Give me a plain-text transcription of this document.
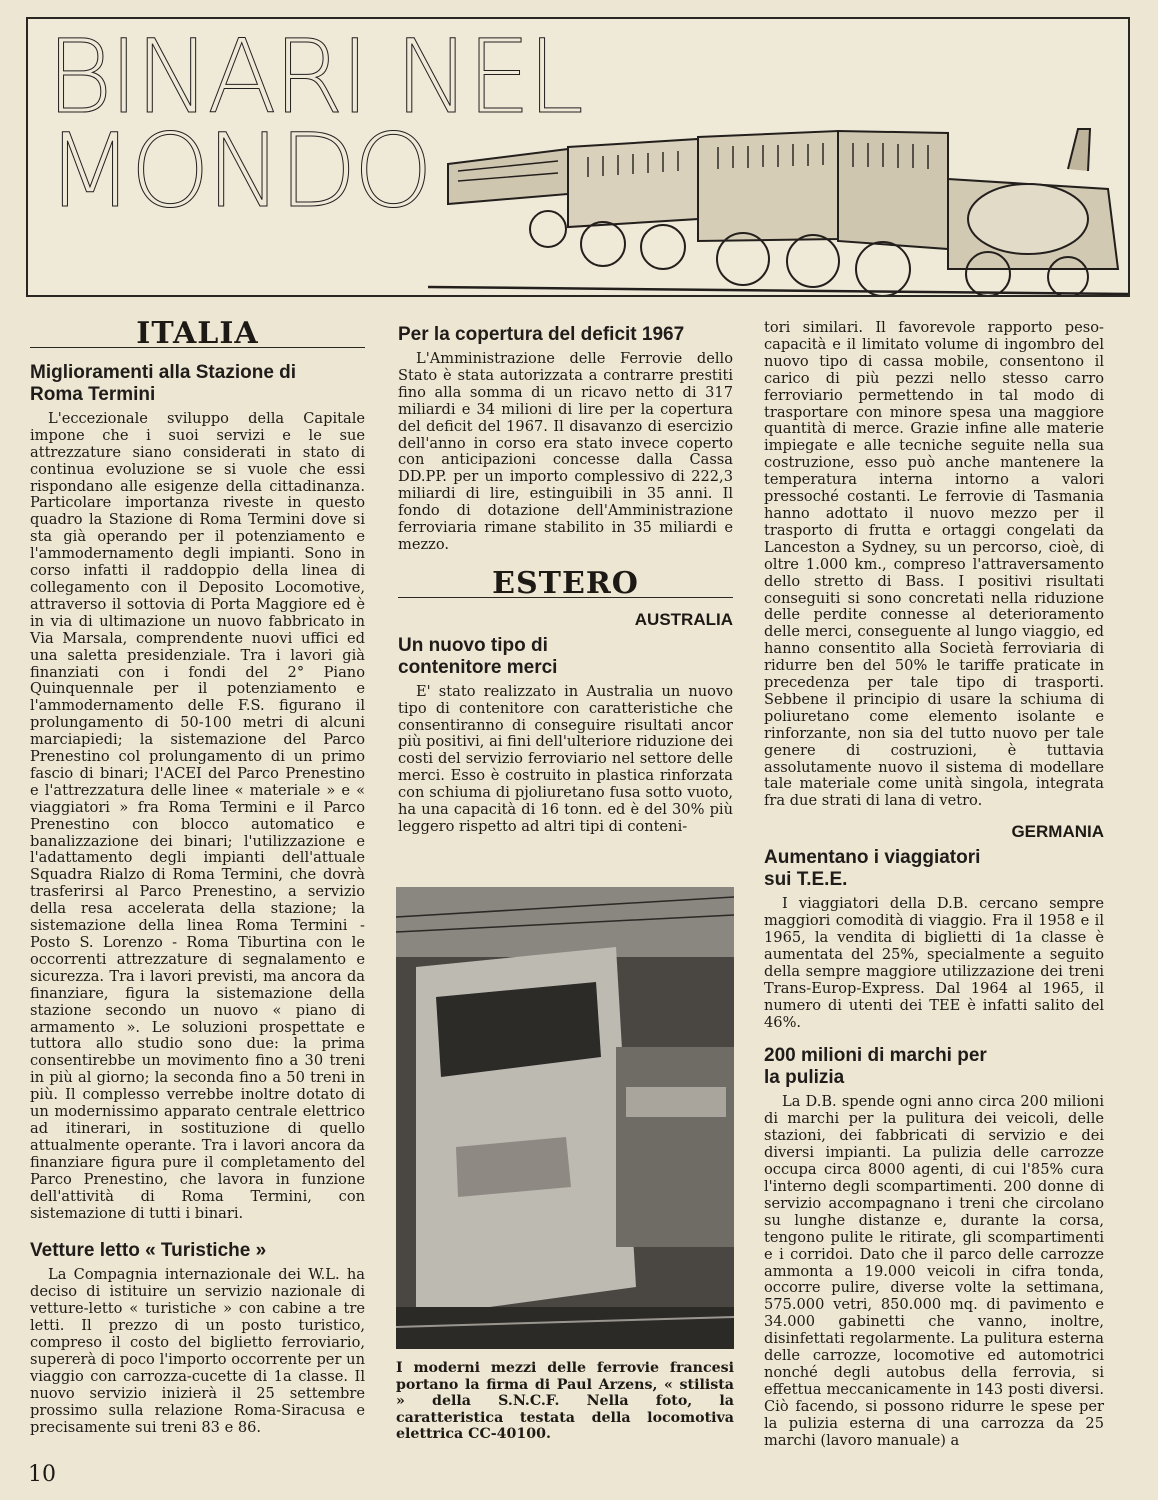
BINARI NEL
MONDO
ITALIA
Miglioramenti alla Stazione di Roma Termini

L'eccezionale sviluppo della Capitale impone che i suoi servizi e le sue attrezzature siano considerati in stato di continua evoluzione se si vuole che essi rispondano alle esigenze della cittadinanza. Particolare importanza riveste in questo quadro la Stazione di Roma Termini dove si sta già operando per il potenziamento e l'ammodernamento degli impianti. Sono in corso infatti il raddoppio della linea di collegamento con il Deposito Locomotive, attraverso il sottovia di Porta Maggiore ed è in via di ultimazione un nuovo fabbricato in Via Marsala, comprendente nuovi uffici ed una saletta presidenziale. Tra i lavori già finanziati con i fondi del 2° Piano Quinquennale per il potenziamento e l'ammodernamento delle F.S. figurano il prolungamento di 50-100 metri di alcuni marciapiedi; la sistemazione del Parco Prenestino col prolungamento di un primo fascio di binari; l'ACEI del Parco Prenestino e l'attrezzatura delle linee « materiale » e « viaggiatori » fra Roma Termini e il Parco Prenestino con blocco automatico e banalizzazione dei binari; l'utilizzazione e l'adattamento degli impianti dell'attuale Squadra Rialzo di Roma Termini, che dovrà trasferirsi al Parco Prenestino, a servizio della resa accelerata della stazione; la sistemazione della linea Roma Termini - Posto S. Lorenzo - Roma Tiburtina con le occorrenti attrezzature di segnalamento e sicurezza. Tra i lavori previsti, ma ancora da finanziare, figura la sistemazione della stazione secondo un nuovo « piano di armamento ». Le soluzioni prospettate e tuttora allo studio sono due: la prima consentirebbe un movimento fino a 30 treni in più al giorno; la seconda fino a 50 treni in più. Il complesso verrebbe inoltre dotato di un modernissimo apparato centrale elettrico ad itinerari, in sostituzione di quello attualmente operante. Tra i lavori ancora da finanziare figura pure il completamento del Parco Prenestino, che lavora in funzione dell'attività di Roma Termini, con sistemazione di tutti i binari.

Vetture letto « Turistiche »

La Compagnia internazionale dei W.L. ha deciso di istituire un servizio nazionale di vetture-letto « turistiche » con cabine a tre letti. Il prezzo di un posto turistico, compreso il costo del biglietto ferroviario, supererà di poco l'importo occorrente per un viaggio con carrozza-cucette di 1a classe. Il nuovo servizio inizierà il 25 settembre prossimo sulla relazione Roma-Siracusa e precisamente sui treni 83 e 86.

Per la copertura del deficit 1967

L'Amministrazione delle Ferrovie dello Stato è stata autorizzata a contrarre prestiti fino alla somma di un ricavo netto di 317 miliardi e 34 milioni di lire per la copertura del deficit del 1967. Il disavanzo di esercizio dell'anno in corso era stato invece coperto con anticipazioni concesse dalla Cassa DD.PP. per un importo complessivo di 222,3 miliardi di lire, estinguibili in 35 anni. Il fondo di dotazione dell'Amministrazione ferroviaria rimane stabilito in 35 miliardi e mezzo.

ESTERO
AUSTRALIA
Un nuovo tipo di contenitore merci

E' stato realizzato in Australia un nuovo tipo di contenitore con caratteristiche che consentiranno di conseguire risultati ancor più positivi, ai fini dell'ulteriore riduzione dei costi del servizio ferroviario nel settore delle merci. Esso è costruito in plastica rinforzata con schiuma di pjoliuretano fusa sotto vuoto, ha una capacità di 16 tonn. ed è del 30% più leggero rispetto ad altri tipi di conteni-

I moderni mezzi delle ferrovie francesi portano la firma di Paul Arzens, « stilista » della S.N.C.F. Nella foto, la caratteristica testata della locomotiva elettrica CC-40100.

tori similari. Il favorevole rapporto peso-capacità e il limitato volume di ingombro del nuovo tipo di cassa mobile, consentono il carico di più pezzi nello stesso carro ferroviario permettendo in tal modo di trasportare con minore spesa una maggiore quantità di merce. Grazie infine alle materie impiegate e alle tecniche seguite nella sua costruzione, esso può anche mantenere la temperatura interna intorno a valori pressoché costanti. Le ferrovie di Tasmania hanno adottato il nuovo mezzo per il trasporto di frutta e ortaggi congelati da Lanceston a Sydney, su un percorso, cioè, di oltre 1.000 km., compreso l'attraversamento dello stretto di Bass. I positivi risultati conseguiti si sono concretati nella riduzione delle perdite connesse al deterioramento delle merci, conseguente al lungo viaggio, ed hanno consentito alla Società ferroviaria di ridurre ben del 50% le tariffe praticate in precedenza per tale tipo di trasporti. Sebbene il principio di usare la schiuma di poliuretano come elemento isolante e rinforzante, non sia del tutto nuovo per tale genere di costruzioni, è tuttavia assolutamente nuovo il sistema di modellare tale materiale come unità singola, integrata fra due strati di lana di vetro.

GERMANIA
Aumentano i viaggiatori sui T.E.E.

I viaggiatori della D.B. cercano sempre maggiori comodità di viaggio. Fra il 1958 e il 1965, la vendita di biglietti di 1a classe è aumentata del 25%, specialmente a seguito della sempre maggiore utilizzazione dei treni Trans-Europ-Express. Dal 1964 al 1965, il numero di utenti dei TEE è infatti salito del 46%.

200 milioni di marchi per la pulizia

La D.B. spende ogni anno circa 200 milioni di marchi per la pulitura dei veicoli, delle stazioni, dei fabbricati di servizio e dei diversi impianti. La pulizia delle carrozze occupa circa 8000 agenti, di cui l'85% cura l'interno degli scompartimenti. 200 donne di servizio accompagnano i treni che circolano su lunghe distanze e, durante la corsa, tengono pulite le ritirate, gli scompartimenti e i corridoi. Dato che il parco delle carrozze ammonta a 19.000 veicoli in cifra tonda, occorre pulire, diverse volte la settimana, 575.000 vetri, 850.000 mq. di pavimento e 34.000 gabinetti che vanno, inoltre, disinfettati regolarmente. La pulitura esterna delle carrozze, locomotive ed automotrici nonché degli autobus della ferrovia, si effettua meccanicamente in 143 posti diversi. Ciò facendo, si possono ridurre le spese per la pulizia esterna di una carrozza da 25 marchi (lavoro manuale) a

10
